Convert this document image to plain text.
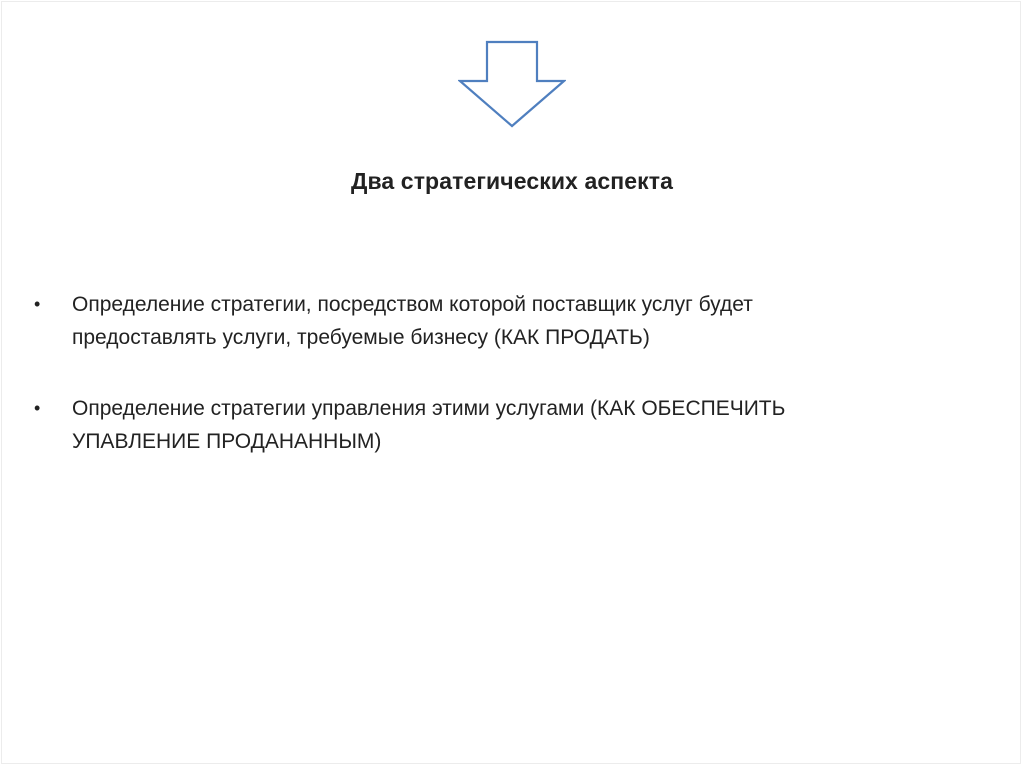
Два стратегических аспекта
•	Определение стратегии, посредством которой поставщик услуг будет
предоставлять услуги, требуемые бизнесу (КАК ПРОДАТЬ)
•	Определение стратегии управления этими услугами (КАК ОБЕСПЕЧИТЬ
УПАВЛЕНИЕ ПРОДАНАННЫМ)
